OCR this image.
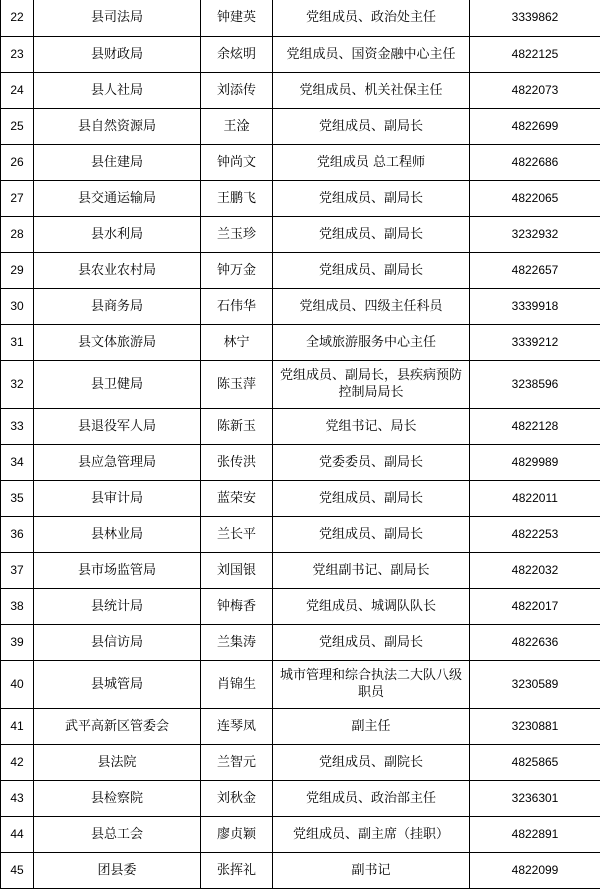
22	县司法局	钟建英	党组成员、政治处主任	3339862
23	县财政局	余炫明	党组成员、国资金融中心主任	4822125
24	县人社局	刘添传	党组成员、机关社保主任	4822073
25	县自然资源局	王淦	党组成员、副局长	4822699
26	县住建局	钟尚文	党组成员 总工程师	4822686
27	县交通运输局	王鹏飞	党组成员、副局长	4822065
28	县水利局	兰玉珍	党组成员、副局长	3232932
29	县农业农村局	钟万金	党组成员、副局长	4822657
30	县商务局	石伟华	党组成员、四级主任科员	3339918
31	县文体旅游局	林宁	全域旅游服务中心主任	3339212
32	县卫健局	陈玉萍	党组成员、副局长，县疾病预防控制局局长	3238596
33	县退役军人局	陈新玉	党组书记、局长	4822128
34	县应急管理局	张传洪	党委委员、副局长	4829989
35	县审计局	蓝荣安	党组成员、副局长	4822011
36	县林业局	兰长平	党组成员、副局长	4822253
37	县市场监管局	刘国银	党组副书记、副局长	4822032
38	县统计局	钟梅香	党组成员、城调队队长	4822017
39	县信访局	兰集涛	党组成员、副局长	4822636
40	县城管局	肖锦生	城市管理和综合执法二大队八级职员	3230589
41	武平高新区管委会	连琴凤	副主任	3230881
42	县法院	兰智元	党组成员、副院长	4825865
43	县检察院	刘秋金	党组成员、政治部主任	3236301
44	县总工会	廖贞颖	党组成员、副主席（挂职）	4822891
45	团县委	张挥礼	副书记	4822099
